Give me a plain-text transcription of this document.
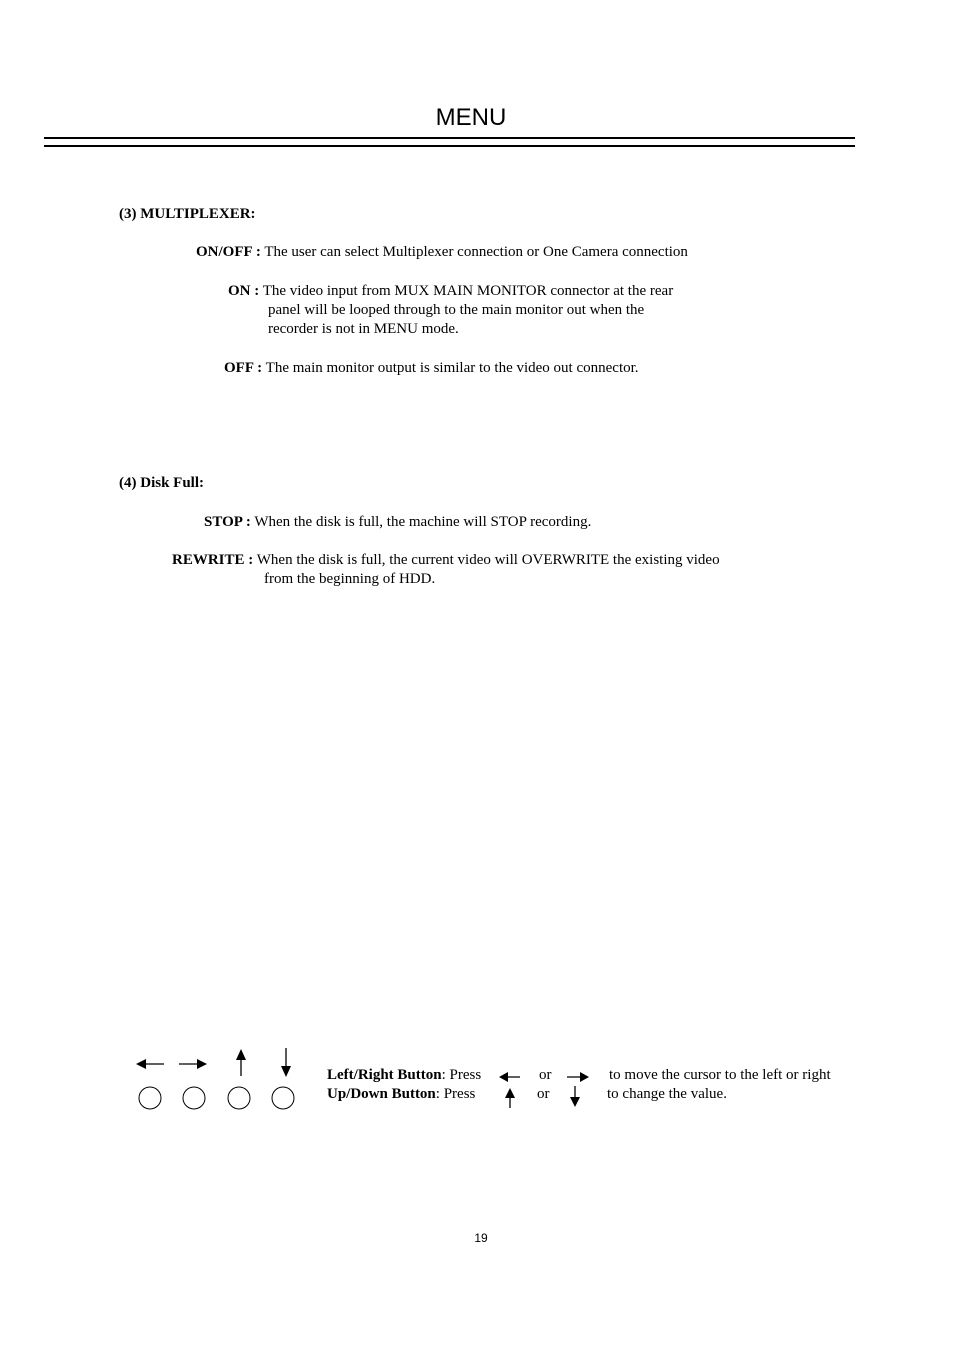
MENU
(3) MULTIPLEXER:
ON/OFF : The user can select Multiplexer connection or One Camera connection
ON : The video input from MUX MAIN MONITOR connector at the rear
panel will be looped through to the main monitor out when the
recorder is not in MENU mode.
OFF : The main monitor output is similar to the video out connector.
(4) Disk Full:
STOP : When the disk is full, the machine will STOP recording.
REWRITE : When the disk is full, the current video will OVERWRITE the existing video
from the beginning of HDD.
Left/Right Button: Press	or	to move the cursor to the left or right
Up/Down Button: Press	or	to change the value.
19
